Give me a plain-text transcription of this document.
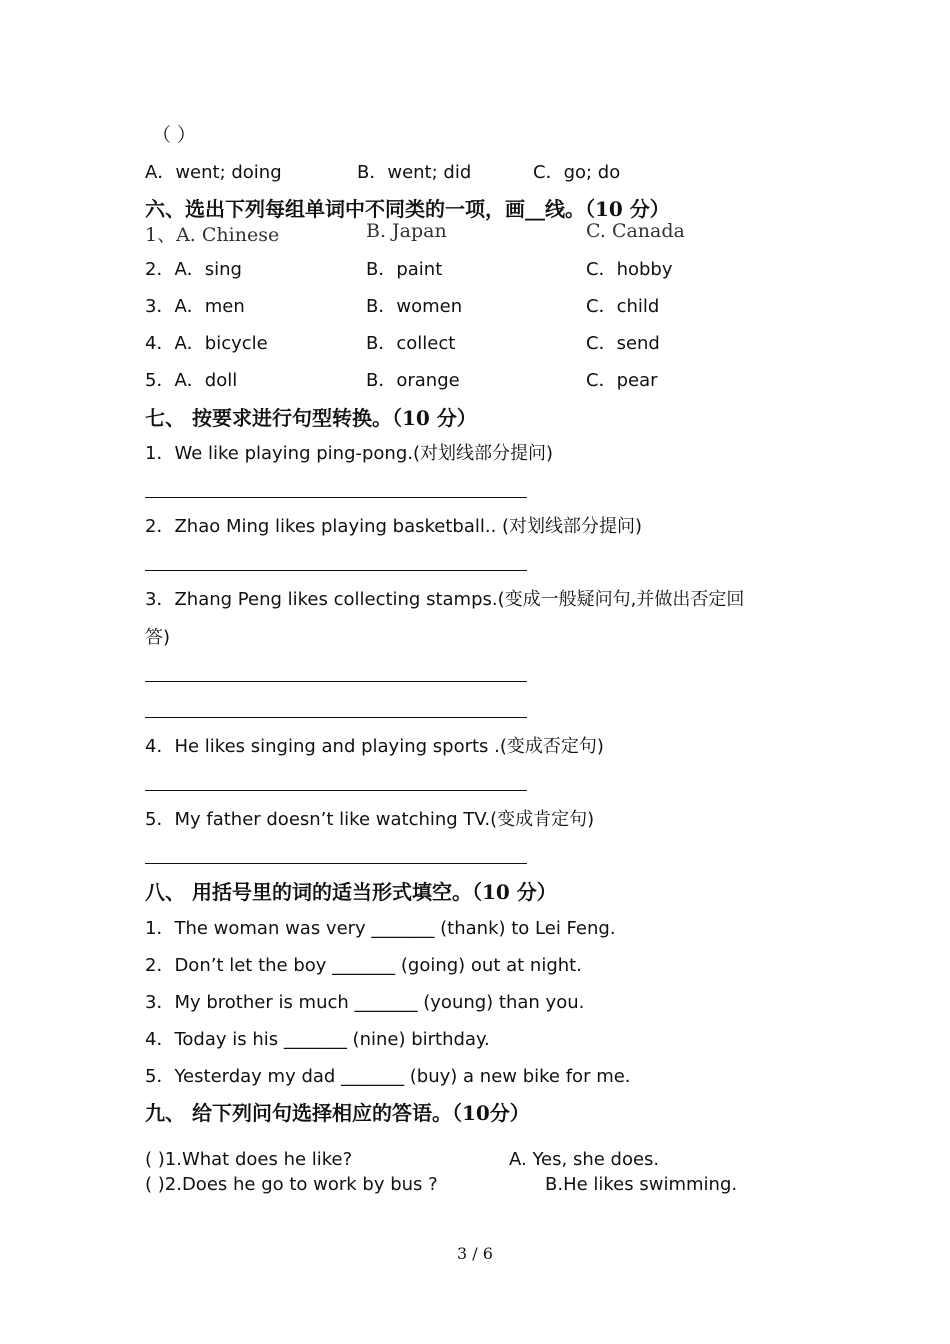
（ ）
A．went; doing	B．went; did	C．go; do
六、选出下列每组单词中不同类的一项，画__线。（10 分）
1、A. Chinese	B. Japan	C. Canada
2．A．sing	B．paint	C．hobby
3．A．men	B．women	C．child
4．A．bicycle	B．collect	C．send
5．A．doll	B．orange	C．pear
七、 按要求进行句型转换。（10 分）
1．We like playing ping-pong.(对划线部分提问)
2．Zhao Ming likes playing basketball.. (对划线部分提问)
3．Zhang Peng likes collecting stamps.(变成一般疑问句,并做出否定回
答)
4．He likes singing and playing sports .(变成否定句)
5．My father doesn’t like watching TV.(变成肯定句)
八、 用括号里的词的适当形式填空。（10 分）
1．The woman was very _______ (thank) to Lei Feng.
2．Don’t let the boy _______ (going) out at night.
3．My brother is much _______ (young) than you.
4．Today is his _______ (nine) birthday.
5．Yesterday my dad _______ (buy) a new bike for me.
九、 给下列问句选择相应的答语。（10分）
( )1.What does he like?	A. Yes, she does.
( )2.Does he go to work by bus ?	B.He likes swimming.
3 / 6
